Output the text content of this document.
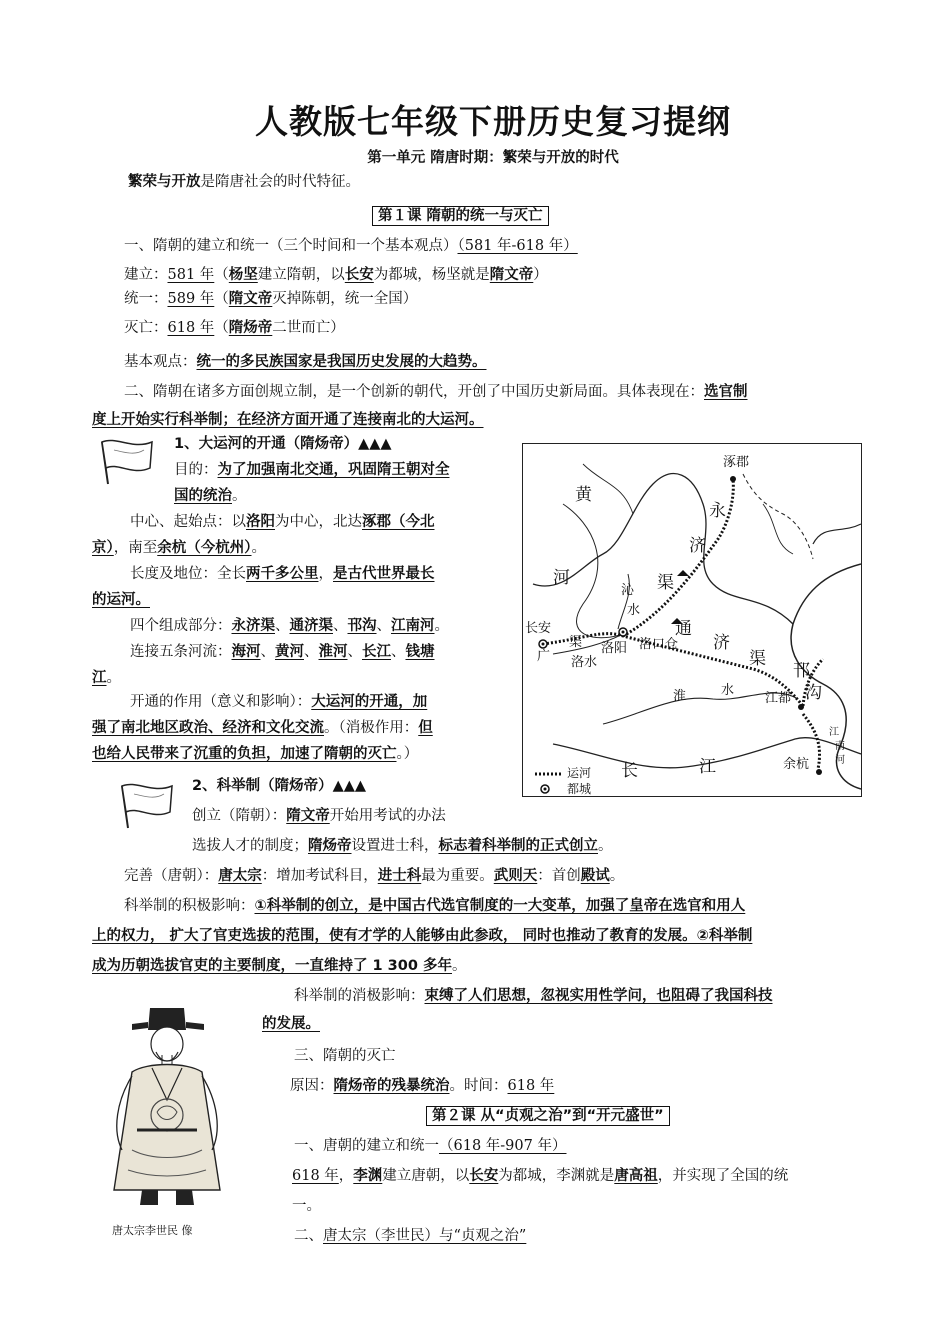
人教版七年级下册历史复习提纲
第一单元 隋唐时期：繁荣与开放的时代
繁荣与开放是隋唐社会的时代特征。
第１课 隋朝的统一与灭亡
一、隋朝的建立和统一（三个时间和一个基本观点）（581 年-618 年）
建立：581 年（杨坚建立隋朝，以长安为都城，杨坚就是隋文帝）
统一：589 年（隋文帝灭掉陈朝，统一全国）
灭亡：618 年（隋炀帝二世而亡）
基本观点：统一的多民族国家是我国历史发展的大趋势。
二、隋朝在诸多方面创规立制，是一个创新的朝代，开创了中国历史新局面。具体表现在：选官制
度上开始实行科举制；在经济方面开通了连接南北的大运河。
1、大运河的开通（隋炀帝）▲▲▲
目的：为了加强南北交通，巩固隋王朝对全
国的统治。
中心、起始点：以洛阳为中心，北达涿郡（今北
京），南至余杭（今杭州）。
长度及地位：全长两千多公里，是古代世界最长
的运河。
四个组成部分：永济渠、通济渠、邗沟、江南河。
连接五条河流：海河、黄河、淮河、长江、钱塘
江。
开通的作用（意义和影响）：大运河的开通，加
强了南北地区政治、经济和文化交流。（消极作用：但
也给人民带来了沉重的负担，加速了隋朝的灭亡。）
涿郡
黄
河
永
济
渠
沁
水
长安
广
通
渠 洛阳 洛口仓 济
渠
洛水
淮	水
江都
邗
沟
江
南
河
长	江	余杭
运河
都城
2、科举制（隋炀帝）▲▲▲
创立（隋朝）：隋文帝开始用考试的办法
选拔人才的制度；隋炀帝设置进士科，标志着科举制的正式创立。
完善（唐朝）：唐太宗：增加考试科目，进士科最为重要。武则天：首创殿试。
科举制的积极影响：①科举制的创立，是中国古代选官制度的一大变革，加强了皇帝在选官和用人
上的权力， 扩大了官吏选拔的范围，使有才学的人能够由此参政， 同时也推动了教育的发展。②科举制
成为历朝选拔官吏的主要制度，一直维持了 1 300 多年。
科举制的消极影响：束缚了人们思想，忽视实用性学问，也阻碍了我国科技
的发展。
三、隋朝的灭亡
原因：隋炀帝的残暴统治。时间：618 年
第２课 从“贞观之治”到“开元盛世”
一、唐朝的建立和统一（618 年-907 年）
618 年，李渊建立唐朝，以长安为都城，李渊就是唐高祖，并实现了全国的统
一。
二、唐太宗（李世民）与“贞观之治”
唐太宗李世民 像
